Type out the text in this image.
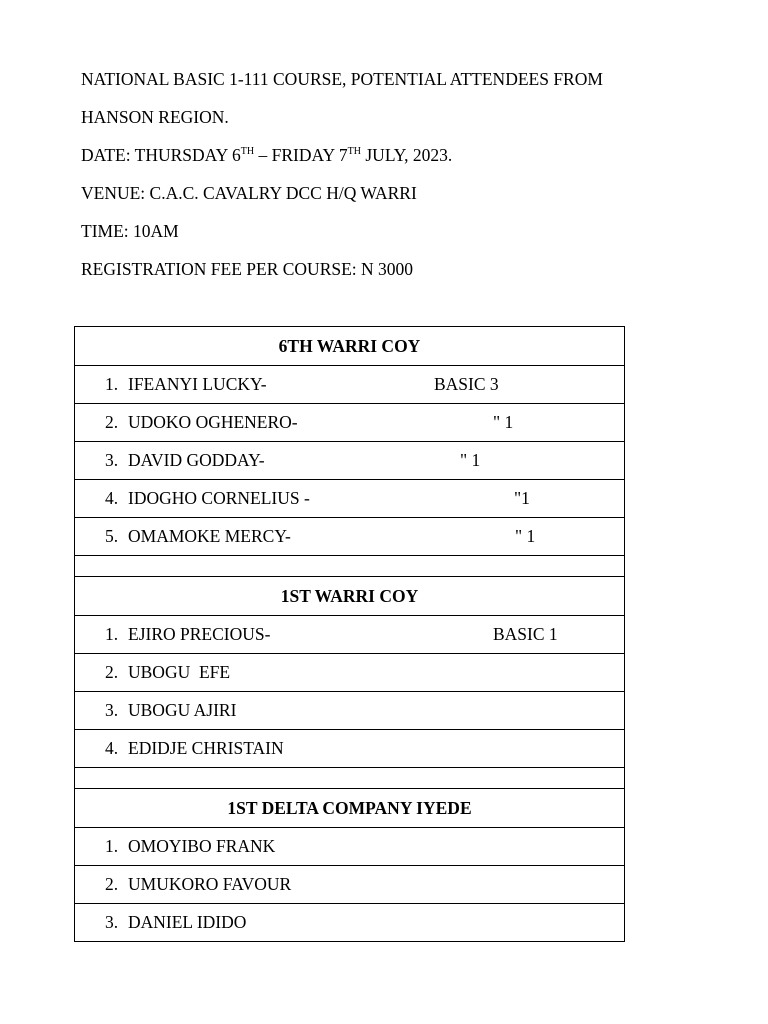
NATIONAL BASIC 1-111 COURSE, POTENTIAL ATTENDEES FROM
HANSON REGION.
DATE: THURSDAY 6TH – FRIDAY 7TH JULY, 2023.
VENUE: C.A.C. CAVALRY DCC H/Q WARRI
TIME: 10AM
REGISTRATION FEE PER COURSE: N 3000
6TH WARRI COY

1. IFEANYI LUCKY-	BASIC 3

2. UDOKO OGHENERO-	" 1

3. DAVID GODDAY-	" 1

4. IDOGHO CORNELIUS -	"1

5. OMAMOKE MERCY-	" 1

1ST WARRI COY

1. EJIRO PRECIOUS-	BASIC 1

2. UBOGU  EFE

3. UBOGU AJIRI

4. EDIDJE CHRISTAIN

1ST DELTA COMPANY IYEDE

1. OMOYIBO FRANK

2. UMUKORO FAVOUR

3. DANIEL IDIDO
